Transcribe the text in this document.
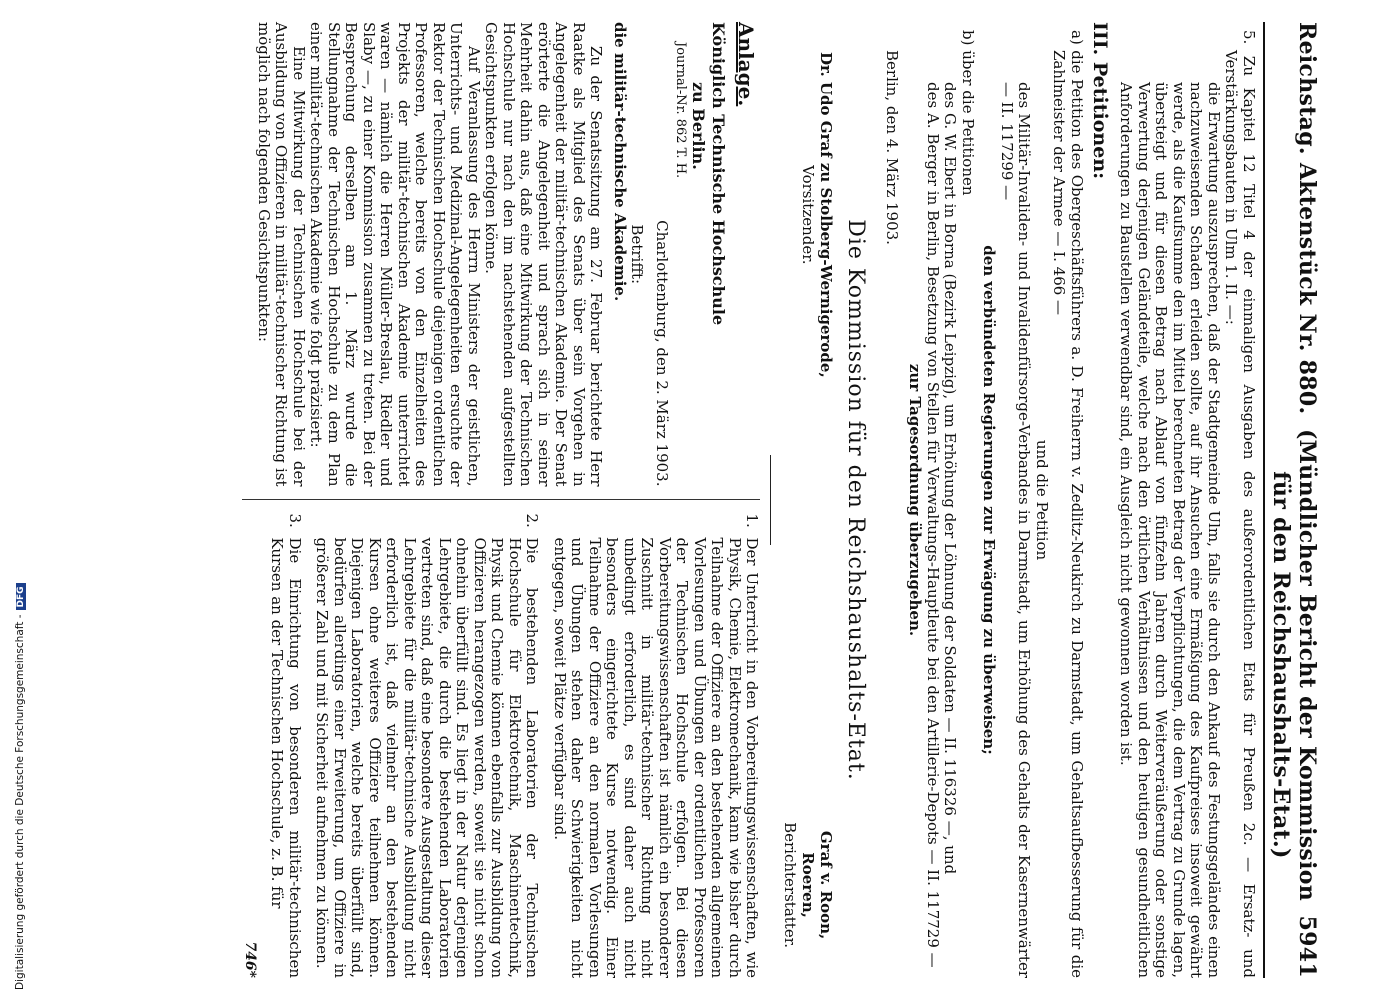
Reichstag. Aktenstück Nr. 880.
(Mündlicher Bericht der Kommission für den Reichshaushalts-Etat.)
5941

5. Zu Kapitel 12 Titel 4 der einmaligen Ausgaben des außerordentlichen Etats für Preußen 2c. — Ersatz- und Verstärkungsbauten in Ulm 1. II. —:

die Erwartung auszusprechen, daß der Stadtgemeinde Ulm, falls sie durch den Ankauf des Festungsgeländes einen nachzuweisenden Schaden erleiden sollte, auf ihr Ansuchen eine Ermäßigung des Kaufpreises insoweit gewährt werde, als die Kaufsumme den im Mittel berechneten Betrag der Verpflichtungen, die dem Vertrag zu Grunde lagen, übersteigt und für diesen Betrag nach Ablauf von fünfzehn Jahren durch Weiterveräußerung oder sonstige Verwertung derjenigen Geländeteile, welche nach den örtlichen Verhältnissen und den heutigen gesundheitlichen Anforderungen zu Baustellen verwendbar sind, ein Ausgleich nicht gewonnen worden ist.

III. Petitionen:

a) die Petition des Obergeschäftsführers a. D. Freiherrn v. Zedlitz-Neukirch zu Darmstadt, um Gehaltsaufbesserung für die Zahlmeister der Armee — I. 466 —

und die Petition

des Militär-Invaliden- und Invalidenfürsorge-Verbandes in Darmstadt, um Erhöhung des Gehalts der Kasernenwärter — II. 117299 —

den verbündeten Regierungen zur Erwägung zu überweisen;

b) über die Petitionen

des G. W. Ebert in Borna (Bezirk Leipzig), um Erhöhung der Löhnung der Soldaten — II. 116326 —, und

des A. Berger in Berlin, Besetzung von Stellen für Verwaltungs-Hauptleute bei den Artillerie-Depots — II. 117729 —

zur Tagesordnung überzugehen.

Berlin, den 4. März 1903.

Die Kommission für den Reichshaushalts-Etat.
Dr. Udo Graf zu Stolberg-Wernigerode,
Vorsitzender.
Graf v. Roon,
Roeren,
Berichterstatter.
Anlage.
Königlich Technische Hochschule
zu Berlin.
Journal-Nr. 862 T. H.
Charlottenburg, den 2. März 1903.
Betrifft:
die militär-technische Akademie.

Zu der Senatssitzung am 27. Februar berichtete Herr Raatke als Mitglied des Senats über sein Vorgehen in Angelegenheit der militär-technischen Akademie. Der Senat erörterte die Angelegenheit und sprach sich in seiner Mehrheit dahin aus, daß eine Mitwirkung der Technischen Hochschule nur nach den im nachstehenden aufgestellten Gesichtspunkten erfolgen könne.

Auf Veranlassung des Herrn Ministers der geistlichen, Unterrichts- und Medizinal-Angelegenheiten ersuchte der Rektor der Technischen Hochschule diejenigen ordentlichen Professoren, welche bereits von den Einzelheiten des Projekts der militär-technischen Akademie unterrichtet waren — nämlich die Herren Müller-Breslau, Riedler und Slaby —, zu einer Kommission zusammen zu treten. Bei der Besprechung derselben am 1. März wurde die Stellungnahme der Technischen Hochschule zu dem Plan einer militär-technischen Akademie wie folgt präzisiert:

Eine Mitwirkung der Technischen Hochschule bei der Ausbildung von Offizieren in militär-technischer Richtung ist möglich nach folgenden Gesichtspunkten:

1.
Der Unterricht in den Vorbereitungswissenschaften, wie Physik, Chemie, Elektromechanik, kann wie bisher durch Teilnahme der Offiziere an den bestehenden allgemeinen Vorlesungen und Übungen der ordentlichen Professoren der Technischen Hochschule erfolgen. Bei diesen Vorbereitungswissenschaften ist nämlich ein besonderer Zuschnitt in militär-technischer Richtung nicht unbedingt erforderlich, es sind daher auch nicht besonders eingerichtete Kurse notwendig. Einer Teilnahme der Offiziere an den normalen Vorlesungen und Übungen stehen daher Schwierigkeiten nicht entgegen, soweit Plätze verfügbar sind.
2.
Die bestehenden Laboratorien der Technischen Hochschule für Elektrotechnik, Maschinentechnik, Physik und Chemie können ebenfalls zur Ausbildung von Offizieren herangezogen werden, soweit sie nicht schon ohnehin überfüllt sind. Es liegt in der Natur derjenigen Lehrgebiete, die durch die bestehenden Laboratorien vertreten sind, daß eine besondere Ausgestaltung dieser Lehrgebiete für die militär-technische Ausbildung nicht erforderlich ist, daß vielmehr an den bestehenden Kursen ohne weiteres Offiziere teilnehmen können. Diejenigen Laboratorien, welche bereits überfüllt sind, bedürfen allerdings einer Erweiterung, um Offiziere in größerer Zahl und mit Sicherheit aufnehmen zu können.
3.
Die Einrichtung von besonderen militär-technischen Kursen an der Technischen Hochschule, z. B. für
746*
Digitalisierung gefördert durch die Deutsche Forschungsgemeinschaft -DFG
